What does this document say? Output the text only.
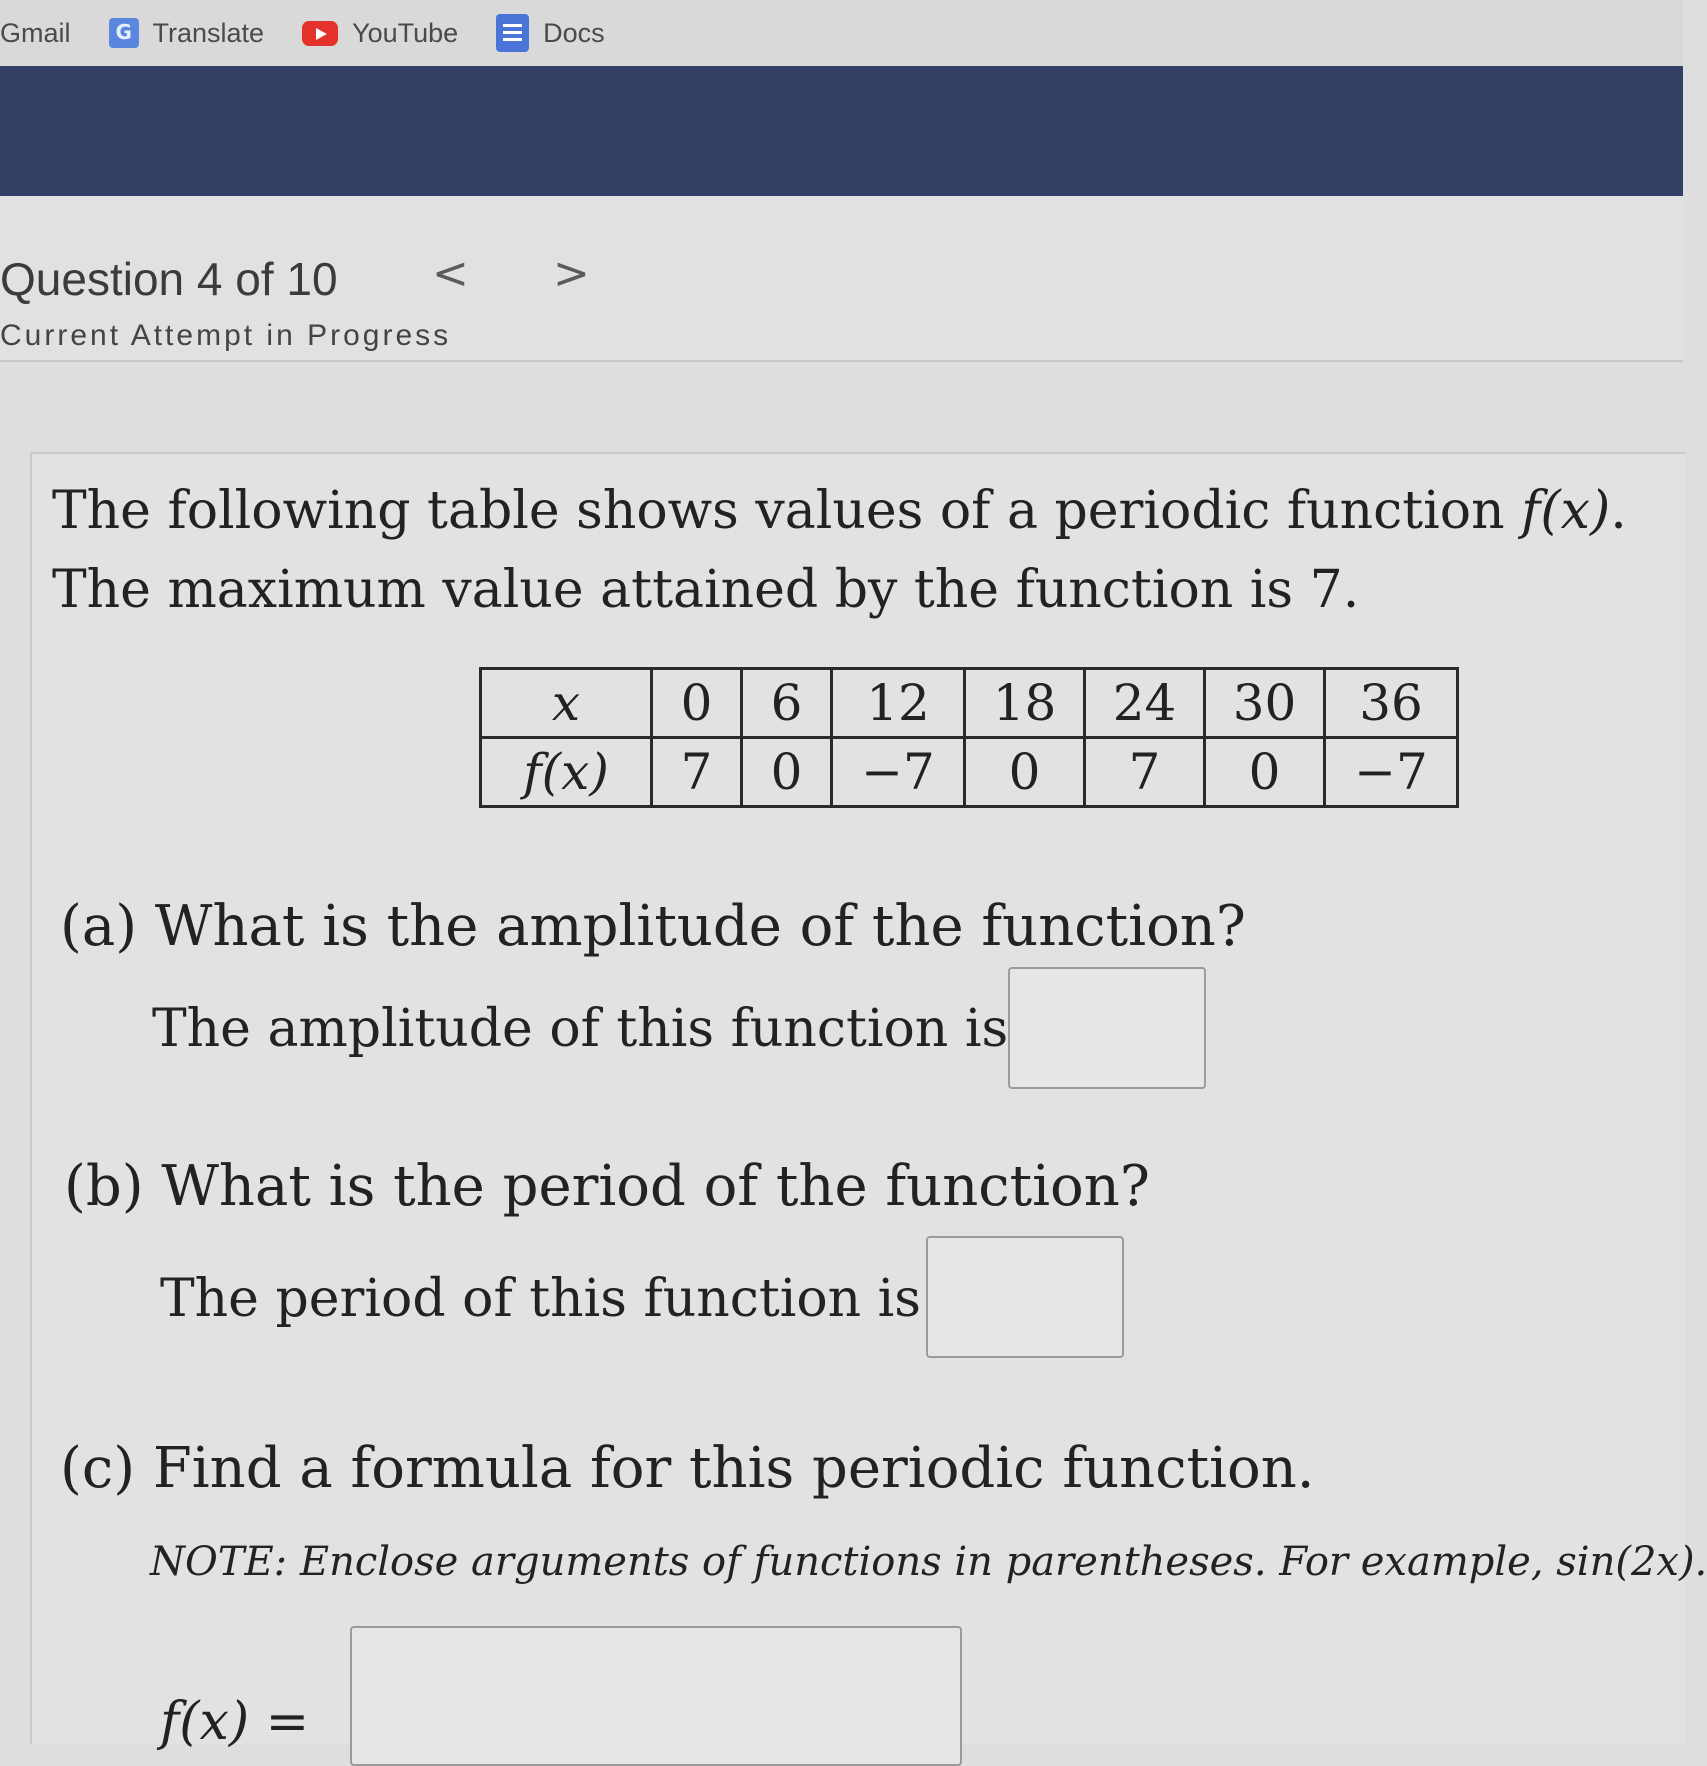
Gmail G	Translate	YouTube	Docs
Question 4 of 10 < >
Current Attempt in Progress
The following table shows values of a periodic function f(x).
The maximum value attained by the function is 7.
x	0	6	12	18	24	30	36
f(x)	7	0	−7	0	7	0	−7
(a) What is the amplitude of the function?
The amplitude of this function is
(b) What is the period of the function?
The period of this function is
(c) Find a formula for this periodic function.
NOTE: Enclose arguments of functions in parentheses. For example, sin(2x).
f(x) =
